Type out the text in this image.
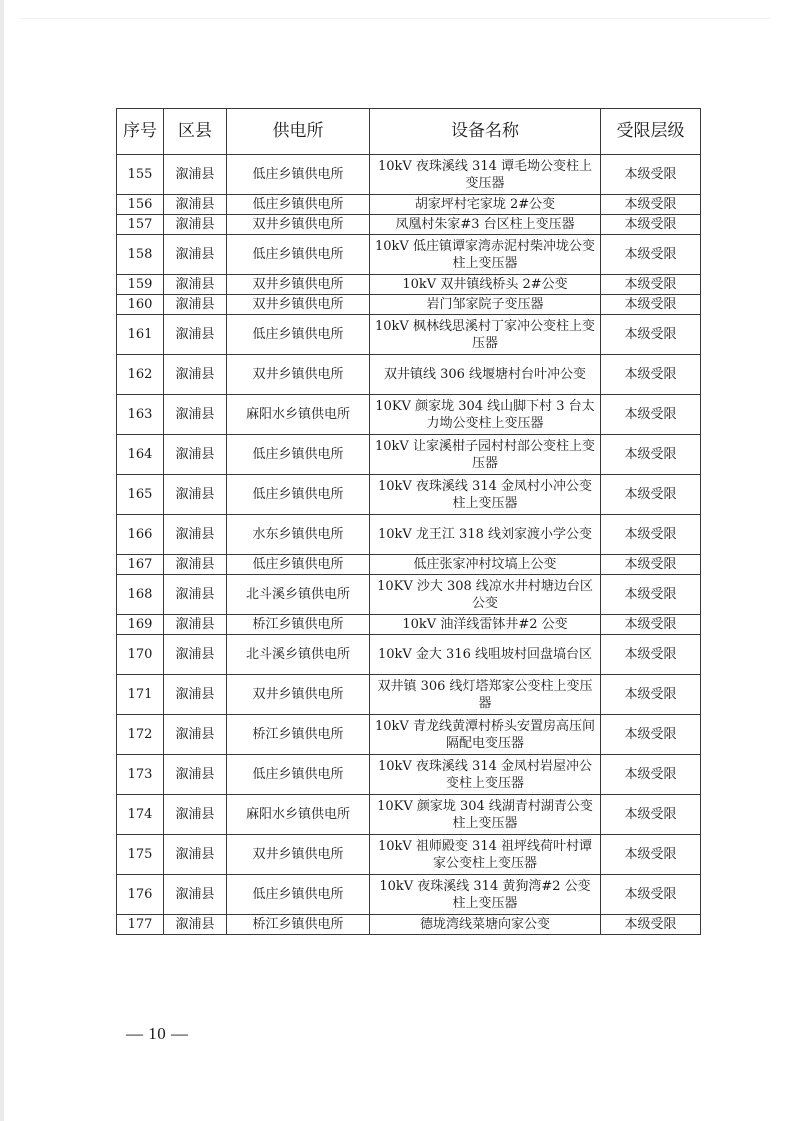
序号	区县	供电所	设备名称	受限层级
155	溆浦县	低庄乡镇供电所	10kV 夜珠溪线 314 谭毛坳公变柱上变压器	本级受限
156	溆浦县	低庄乡镇供电所	胡家坪村宅家垅 2#公变	本级受限
157	溆浦县	双井乡镇供电所	凤凰村朱家#3 台区柱上变压器	本级受限
158	溆浦县	低庄乡镇供电所	10kV 低庄镇谭家湾赤泥村柴冲垅公变柱上变压器	本级受限
159	溆浦县	双井乡镇供电所	10kV 双井镇线桥头 2#公变	本级受限
160	溆浦县	双井乡镇供电所	岩门邹家院子变压器	本级受限
161	溆浦县	低庄乡镇供电所	10kV 枫林线思溪村丁家冲公变柱上变压器	本级受限
162	溆浦县	双井乡镇供电所	双井镇线 306 线堰塘村台叶冲公变	本级受限
163	溆浦县	麻阳水乡镇供电所	10KV 颜家垅 304 线山脚下村 3 台太力坳公变柱上变压器	本级受限
164	溆浦县	低庄乡镇供电所	10kV 让家溪柑子园村村部公变柱上变压器	本级受限
165	溆浦县	低庄乡镇供电所	10kV 夜珠溪线 314 金凤村小冲公变柱上变压器	本级受限
166	溆浦县	水东乡镇供电所	10kV 龙王江 318 线刘家渡小学公变	本级受限
167	溆浦县	低庄乡镇供电所	低庄张家冲村坟塙上公变	本级受限
168	溆浦县	北斗溪乡镇供电所	10KV 沙大 308 线凉水井村塘边台区公变	本级受限
169	溆浦县	桥江乡镇供电所	10kV 油洋线雷钵井#2 公变	本级受限
170	溆浦县	北斗溪乡镇供电所	10kV 金大 316 线咀坡村回盘塙台区	本级受限
171	溆浦县	双井乡镇供电所	双井镇 306 线灯塔郑家公变柱上变压器	本级受限
172	溆浦县	桥江乡镇供电所	10kV 青龙线黄潭村桥头安置房高压间隔配电变压器	本级受限
173	溆浦县	低庄乡镇供电所	10kV 夜珠溪线 314 金凤村岩屋冲公变柱上变压器	本级受限
174	溆浦县	麻阳水乡镇供电所	10KV 颜家垅 304 线湖青村湖青公变柱上变压器	本级受限
175	溆浦县	双井乡镇供电所	10kV 祖师殿变 314 祖坪线荷叶村谭家公变柱上变压器	本级受限
176	溆浦县	低庄乡镇供电所	10kV 夜珠溪线 314 黄狗湾#2 公变柱上变压器	本级受限
177	溆浦县	桥江乡镇供电所	德垅湾线菜塘向家公变	本级受限
— 10 —
